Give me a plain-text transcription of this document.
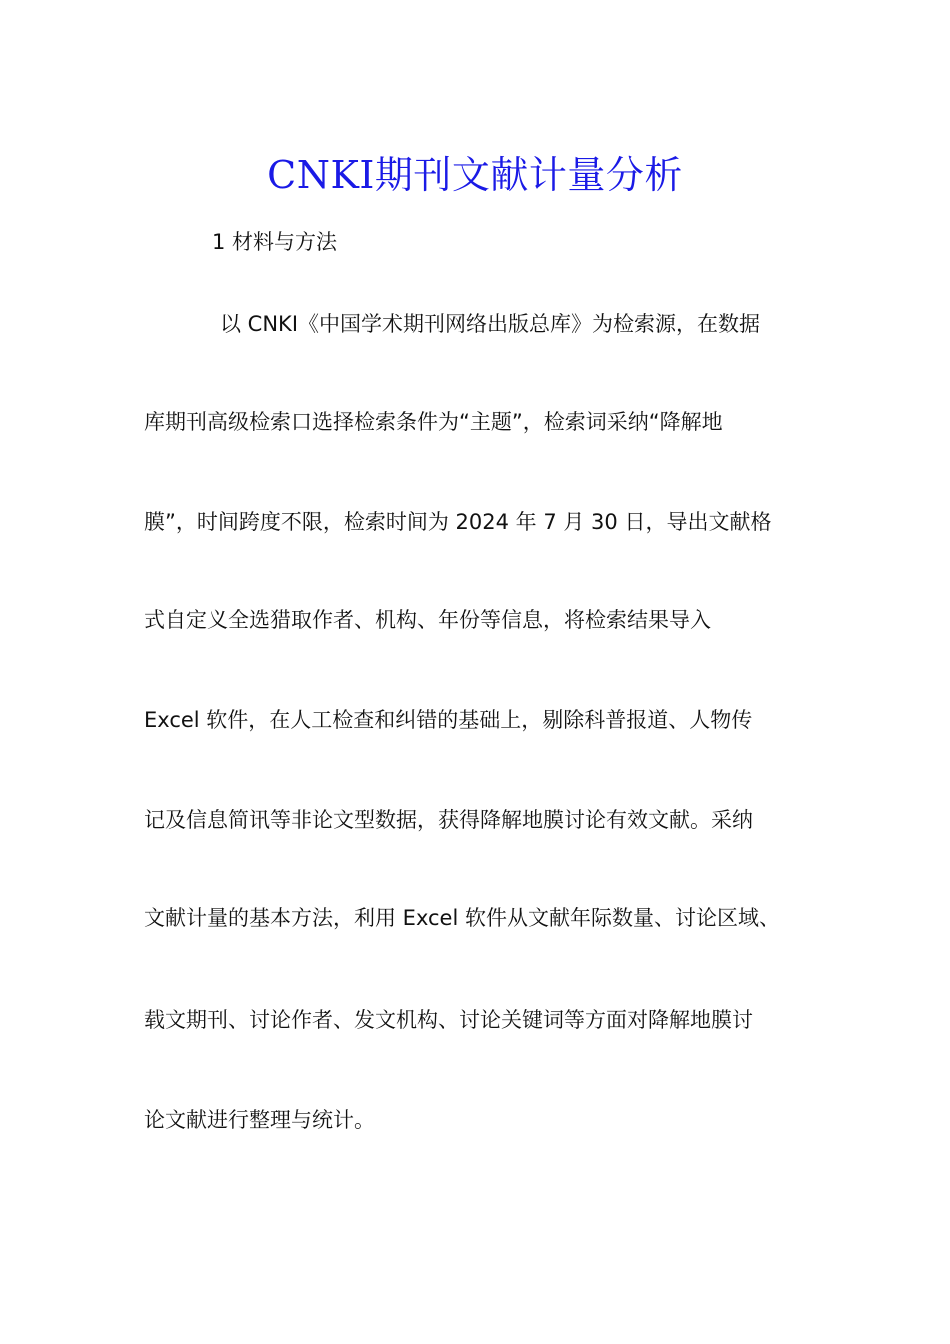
CNKI期刊文献计量分析
1 材料与方法
以 CNKI《中国学术期刊网络出版总库》为检索源，在数据
库期刊高级检索口选择检索条件为“主题”，检索词采纳“降解地
膜”，时间跨度不限，检索时间为 2024 年 7 月 30 日，导出文献格
式自定义全选猎取作者、机构、年份等信息，将检索结果导入
Excel 软件，在人工检查和纠错的基础上，剔除科普报道、人物传
记及信息简讯等非论文型数据，获得降解地膜讨论有效文献。采纳
文献计量的基本方法，利用 Excel 软件从文献年际数量、讨论区域、
载文期刊、讨论作者、发文机构、讨论关键词等方面对降解地膜讨
论文献进行整理与统计。
